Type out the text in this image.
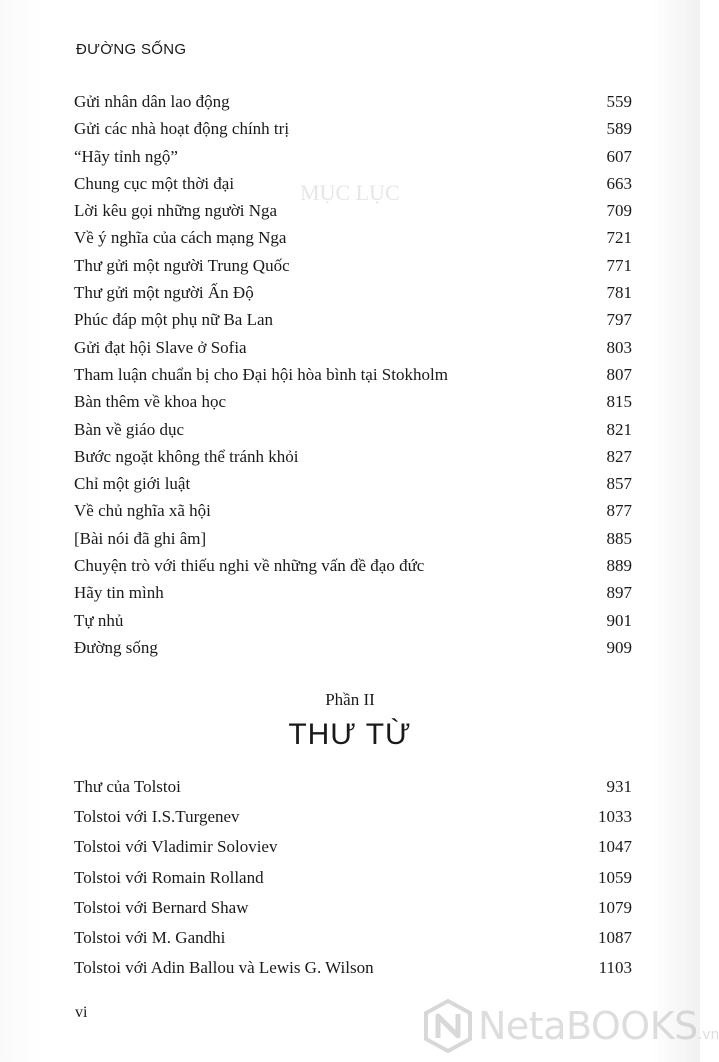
ĐƯỜNG SỐNG
MỤC LỤC
Gửi nhân dân lao động	559
Gửi các nhà hoạt động chính trị	589
“Hãy tỉnh ngộ”	607
Chung cục một thời đại	663
Lời kêu gọi những người Nga	709
Về ý nghĩa của cách mạng Nga	721
Thư gửi một người Trung Quốc	771
Thư gửi một người Ấn Độ	781
Phúc đáp một phụ nữ Ba Lan	797
Gửi đạt hội Slave ở Sofia	803
Tham luận chuẩn bị cho Đại hội hòa bình tại Stokholm	807
Bàn thêm về khoa học	815
Bàn về giáo dục	821
Bước ngoặt không thể tránh khỏi	827
Chỉ một giới luật	857
Về chủ nghĩa xã hội	877
[Bài nói đã ghi âm]	885
Chuyện trò với thiếu nghi về những vấn đề đạo đức	889
Hãy tin mình	897
Tự nhủ	901
Đường sống	909
Phần II
THƯ TỪ
Thư của Tolstoi	931
Tolstoi với I.S.Turgenev	1033
Tolstoi với Vladimir Soloviev	1047
Tolstoi với Romain Rolland	1059
Tolstoi với Bernard Shaw	1079
Tolstoi với M. Gandhi	1087
Tolstoi với Adin Ballou và Lewis G. Wilson	1103
vi	NetaBOOKS.vn
